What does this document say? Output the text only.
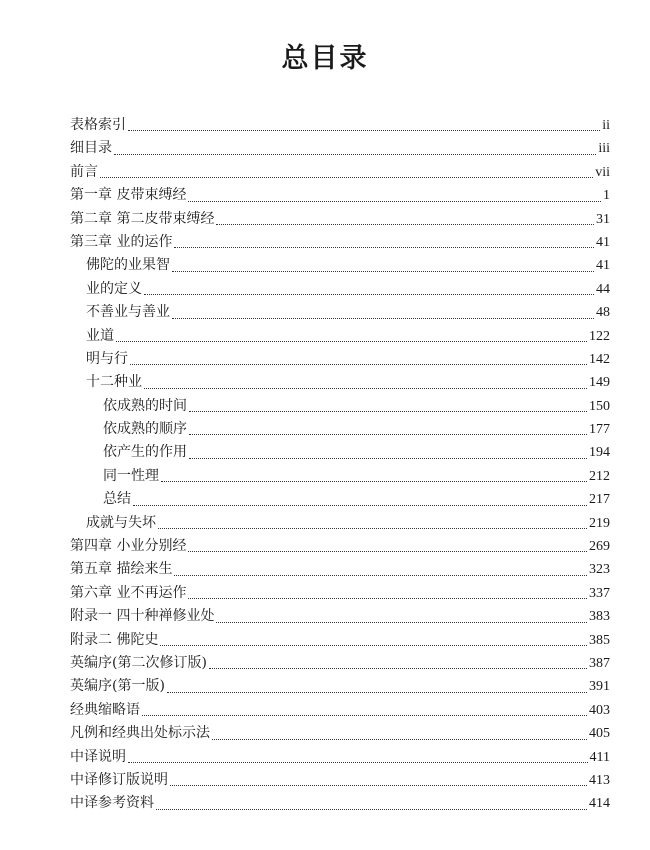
总目录
表格索引	ii
细目录	iii
前言	vii
第一章 皮带束缚经	1
第二章 第二皮带束缚经	31
第三章 业的运作	41
佛陀的业果智	41
业的定义	44
不善业与善业	48
业道	122
明与行	142
十二种业	149
依成熟的时间	150
依成熟的顺序	177
依产生的作用	194
同一性理	212
总结	217
成就与失坏	219
第四章 小业分别经	269
第五章 描绘来生	323
第六章 业不再运作	337
附录一 四十种禅修业处	383
附录二 佛陀史	385
英编序(第二次修订版)	387
英编序(第一版)	391
经典缩略语	403
凡例和经典出处标示法	405
中译说明	411
中译修订版说明	413
中译参考资料	414
